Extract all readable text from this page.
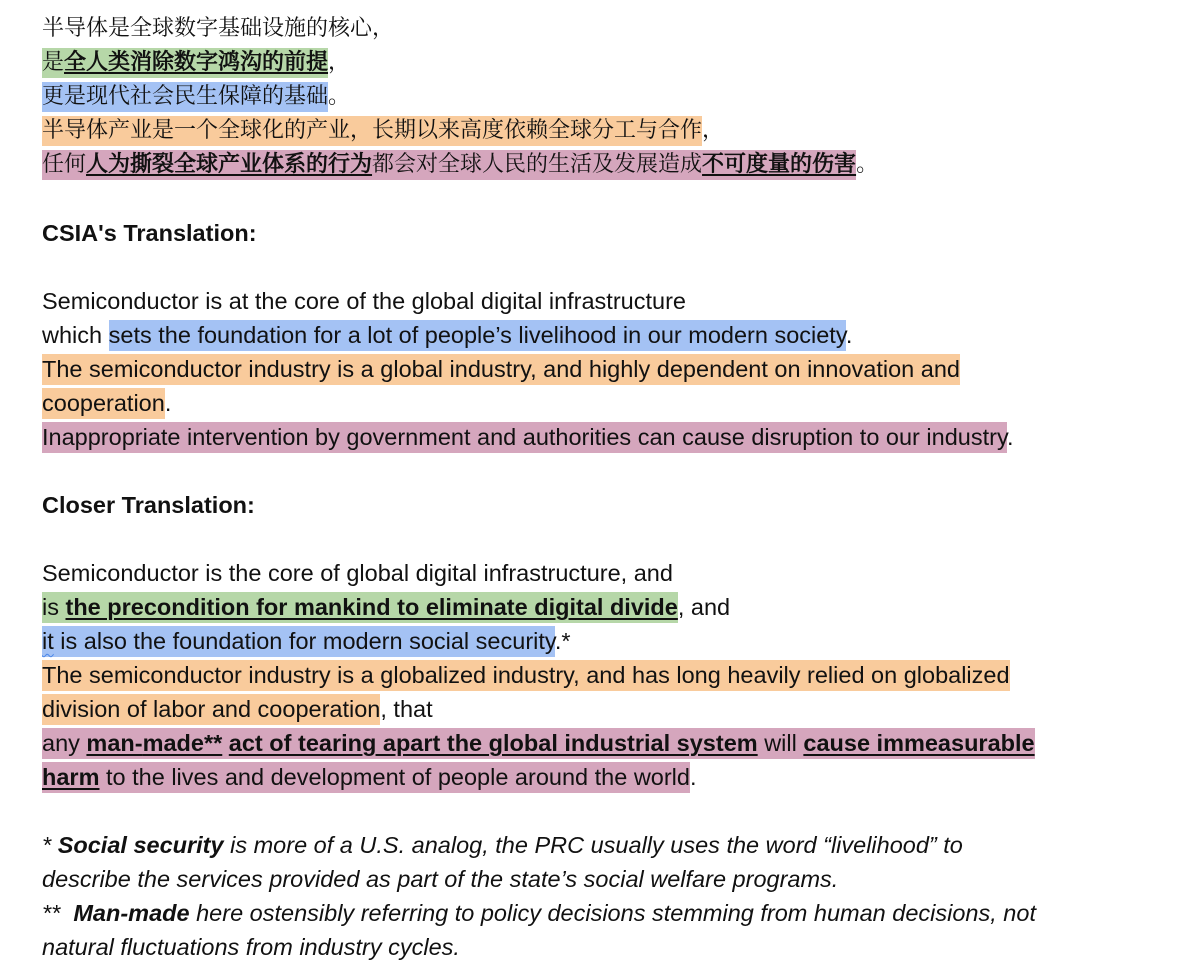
半导体是全球数字基础设施的核心，
是全人类消除数字鸿沟的前提，
更是现代社会民生保障的基础。
半导体产业是一个全球化的产业，长期以来高度依赖全球分工与合作，
任何人为撕裂全球产业体系的行为都会对全球人民的生活及发展造成不可度量的伤害。
CSIA's Translation:
Semiconductor is at the core of the global digital infrastructure
which sets the foundation for a lot of people’s livelihood in our modern society.
The semiconductor industry is a global industry, and highly dependent on innovation and
cooperation.
Inappropriate intervention by government and authorities can cause disruption to our industry.
Closer Translation:
Semiconductor is the core of global digital infrastructure, and
is the precondition for mankind to eliminate digital divide, and
it is also the foundation for modern social security.*
The semiconductor industry is a globalized industry, and has long heavily relied on globalized
division of labor and cooperation, that
any man-made** act of tearing apart the global industrial system will cause immeasurable
harm to the lives and development of people around the world.
* Social security is more of a U.S. analog, the PRC usually uses the word “livelihood” to
describe the services provided as part of the state’s social welfare programs.
**  Man-made here ostensibly referring to policy decisions stemming from human decisions, not
natural fluctuations from industry cycles.
